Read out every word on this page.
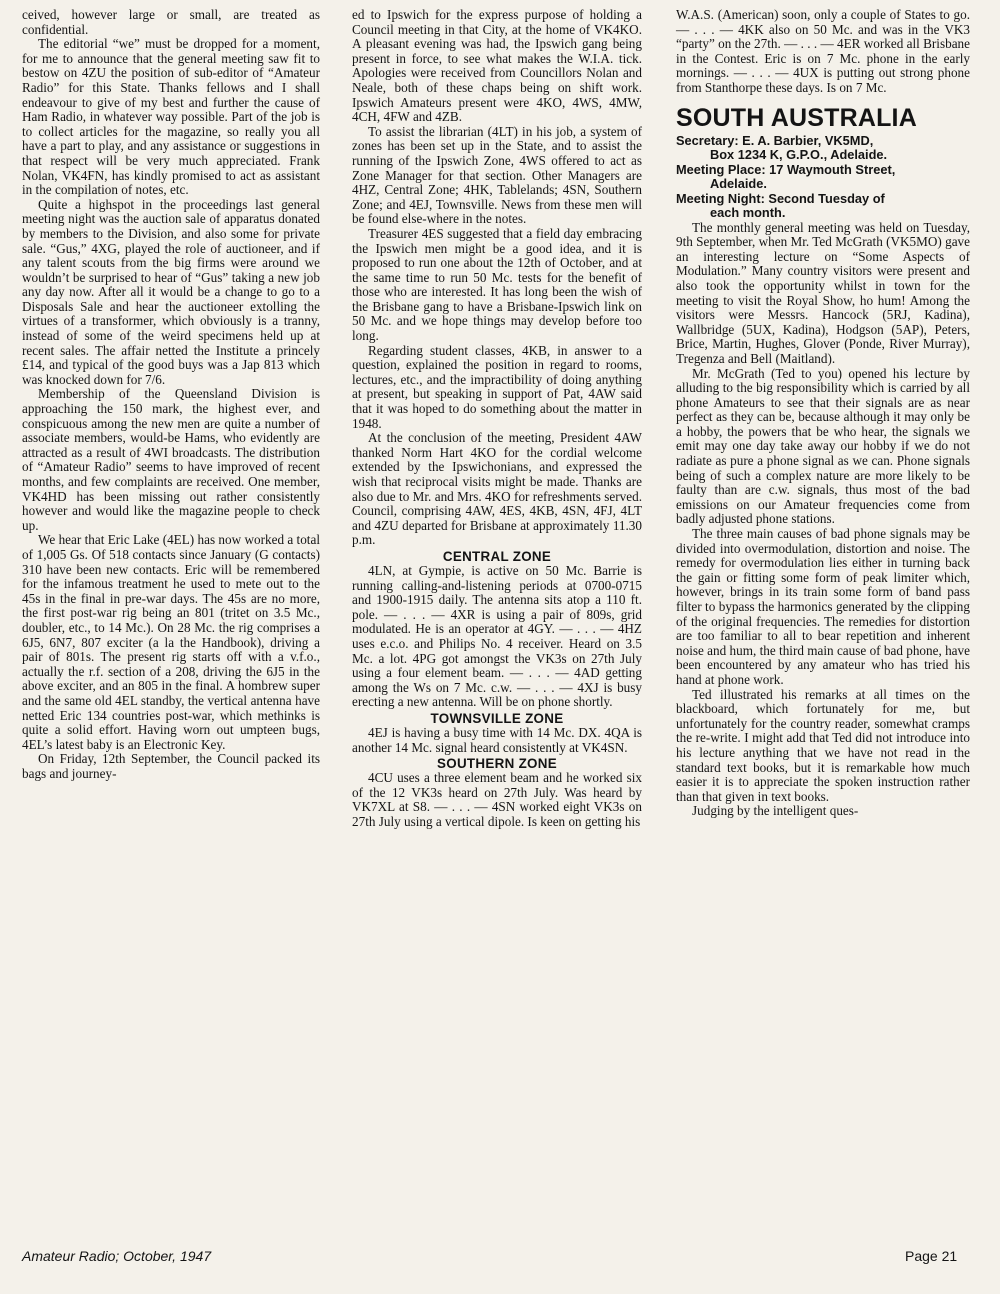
ceived, however large or small, are treated as confidential.

The editorial “we” must be dropped for a moment, for me to announce that the general meeting saw fit to bestow on 4ZU the position of sub-editor of “Amateur Radio” for this State. Thanks fellows and I shall endeavour to give of my best and further the cause of Ham Radio, in whatever way possible. Part of the job is to collect articles for the magazine, so really you all have a part to play, and any assistance or suggestions in that respect will be very much appreciated. Frank Nolan, VK4FN, has kindly promised to act as assistant in the compilation of notes, etc.

Quite a highspot in the proceedings last general meeting night was the auction sale of apparatus donated by members to the Division, and also some for private sale. “Gus,” 4XG, played the role of auctioneer, and if any talent scouts from the big firms were around we wouldn’t be surprised to hear of “Gus” taking a new job any day now. After all it would be a change to go to a Disposals Sale and hear the auctioneer extolling the virtues of a transformer, which obviously is a tranny, instead of some of the weird specimens held up at recent sales. The affair netted the Institute a princely £14, and typical of the good buys was a Jap 813 which was knocked down for 7/6.

Membership of the Queensland Division is approaching the 150 mark, the highest ever, and conspicuous among the new men are quite a number of associate members, would-be Hams, who evidently are attracted as a result of 4WI broadcasts. The distribution of “Amateur Radio” seems to have improved of recent months, and few complaints are received. One member, VK4HD has been missing out rather consistently however and would like the magazine people to check up.

We hear that Eric Lake (4EL) has now worked a total of 1,005 Gs. Of 518 contacts since January (G contacts) 310 have been new contacts. Eric will be remembered for the infamous treatment he used to mete out to the 45s in the final in pre-war days. The 45s are no more, the first post-war rig being an 801 (tritet on 3.5 Mc., doubler, etc., to 14 Mc.). On 28 Mc. the rig comprises a 6J5, 6N7, 807 exciter (a la the Handbook), driving a pair of 801s. The present rig starts off with a v.f.o., actually the r.f. section of a 208, driving the 6J5 in the above exciter, and an 805 in the final. A hombrew super and the same old 4EL standby, the vertical antenna have netted Eric 134 countries post-war, which methinks is quite a solid effort. Having worn out umpteen bugs, 4EL’s latest baby is an Electronic Key.

On Friday, 12th September, the Council packed its bags and journey-

ed to Ipswich for the express purpose of holding a Council meeting in that City, at the home of VK4KO. A pleasant evening was had, the Ipswich gang being present in force, to see what makes the W.I.A. tick. Apologies were received from Councillors Nolan and Neale, both of these chaps being on shift work. Ipswich Amateurs present were 4KO, 4WS, 4MW, 4CH, 4FW and 4ZB.

To assist the librarian (4LT) in his job, a system of zones has been set up in the State, and to assist the running of the Ipswich Zone, 4WS offered to act as Zone Manager for that section. Other Managers are 4HZ, Central Zone; 4HK, Tablelands; 4SN, Southern Zone; and 4EJ, Townsville. News from these men will be found else-where in the notes.

Treasurer 4ES suggested that a field day embracing the Ipswich men might be a good idea, and it is proposed to run one about the 12th of October, and at the same time to run 50 Mc. tests for the benefit of those who are interested. It has long been the wish of the Brisbane gang to have a Brisbane-Ipswich link on 50 Mc. and we hope things may develop before too long.

Regarding student classes, 4KB, in answer to a question, explained the position in regard to rooms, lectures, etc., and the impractibility of doing anything at present, but speaking in support of Pat, 4AW said that it was hoped to do something about the matter in 1948.

At the conclusion of the meeting, President 4AW thanked Norm Hart 4KO for the cordial welcome extended by the Ipswichonians, and expressed the wish that reciprocal visits might be made. Thanks are also due to Mr. and Mrs. 4KO for refreshments served. Council, comprising 4AW, 4ES, 4KB, 4SN, 4FJ, 4LT and 4ZU departed for Brisbane at approximately 11.30 p.m.

CENTRAL ZONE

4LN, at Gympie, is active on 50 Mc. Barrie is running calling-and-listening periods at 0700-0715 and 1900-1915 daily. The antenna sits atop a 110 ft. pole. — . . . — 4XR is using a pair of 809s, grid modulated. He is an operator at 4GY. — . . . — 4HZ uses e.c.o. and Philips No. 4 receiver. Heard on 3.5 Mc. a lot. 4PG got amongst the VK3s on 27th July using a four element beam. — . . . — 4AD getting among the Ws on 7 Mc. c.w. — . . . — 4XJ is busy erecting a new antenna. Will be on phone shortly.

TOWNSVILLE ZONE

4EJ is having a busy time with 14 Mc. DX. 4QA is another 14 Mc. signal heard consistently at VK4SN.

SOUTHERN ZONE

4CU uses a three element beam and he worked six of the 12 VK3s heard on 27th July. Was heard by VK7XL at S8. — . . . — 4SN worked eight VK3s on 27th July using a vertical dipole. Is keen on getting his

W.A.S. (American) soon, only a couple of States to go. — . . . — 4KK also on 50 Mc. and was in the VK3 “party” on the 27th. — . . . — 4ER worked all Brisbane in the Contest. Eric is on 7 Mc. phone in the early mornings. — . . . — 4UX is putting out strong phone from Stanthorpe these days. Is on 7 Mc.

SOUTH AUSTRALIA
Secretary: E. A. Barbier, VK5MD,
Box 1234 K, G.P.O., Adelaide.
Meeting Place: 17 Waymouth Street,
Adelaide.
Meeting Night: Second Tuesday of
each month.

The monthly general meeting was held on Tuesday, 9th September, when Mr. Ted McGrath (VK5MO) gave an interesting lecture on “Some Aspects of Modulation.” Many country visitors were present and also took the opportunity whilst in town for the meeting to visit the Royal Show, ho hum! Among the visitors were Messrs. Hancock (5RJ, Kadina), Wallbridge (5UX, Kadina), Hodgson (5AP), Peters, Brice, Martin, Hughes, Glover (Ponde, River Murray), Tregenza and Bell (Maitland).

Mr. McGrath (Ted to you) opened his lecture by alluding to the big responsibility which is carried by all phone Amateurs to see that their signals are as near perfect as they can be, because although it may only be a hobby, the powers that be who hear, the signals we emit may one day take away our hobby if we do not radiate as pure a phone signal as we can. Phone signals being of such a complex nature are more likely to be faulty than are c.w. signals, thus most of the bad emissions on our Amateur frequencies come from badly adjusted phone stations.

The three main causes of bad phone signals may be divided into overmodulation, distortion and noise. The remedy for overmodulation lies either in turning back the gain or fitting some form of peak limiter which, however, brings in its train some form of band pass filter to bypass the harmonics generated by the clipping of the original frequencies. The remedies for distortion are too familiar to all to bear repetition and inherent noise and hum, the third main cause of bad phone, have been encountered by any amateur who has tried his hand at phone work.

Ted illustrated his remarks at all times on the blackboard, which fortunately for me, but unfortunately for the country reader, somewhat cramps the re-write. I might add that Ted did not introduce into his lecture anything that we have not read in the standard text books, but it is remarkable how much easier it is to appreciate the spoken instruction rather than that given in text books.

Judging by the intelligent ques-

Amateur Radio; October, 1947	Page 21
